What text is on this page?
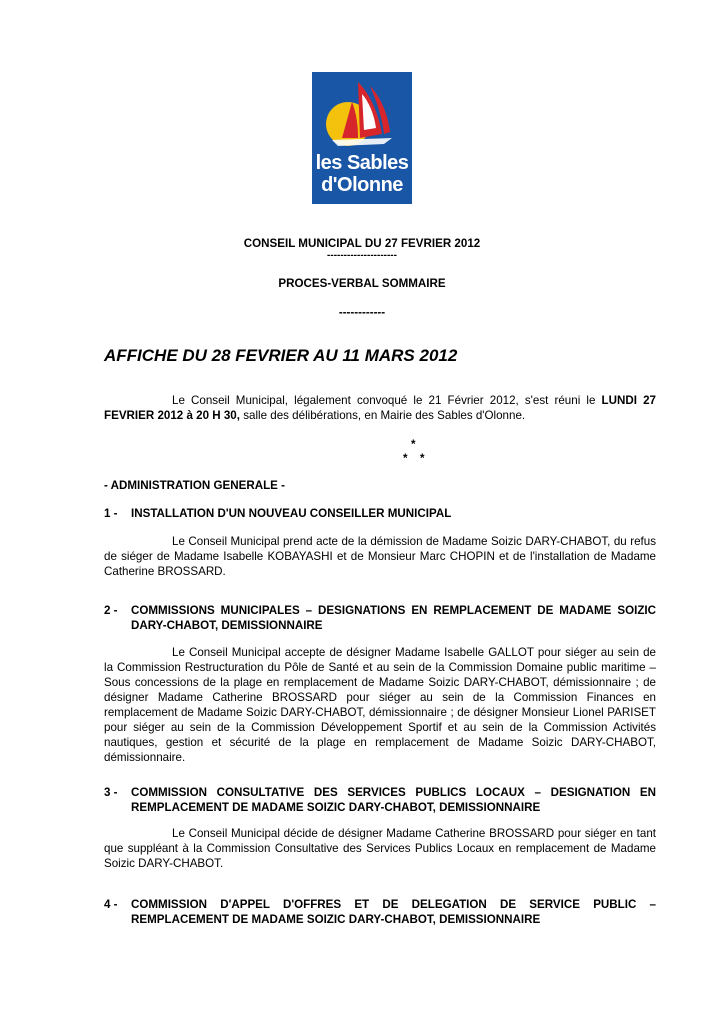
les Sables
d'Olonne
CONSEIL MUNICIPAL DU 27 FEVRIER 2012
---------------------
PROCES-VERBAL SOMMAIRE
------------
AFFICHE DU 28 FEVRIER AU 11 MARS 2012
Le Conseil Municipal, légalement convoqué le 21 Février 2012, s'est réuni le LUNDI 27 FEVRIER 2012 à 20 H 30, salle des délibérations, en Mairie des Sables d'Olonne.
*
* *
- ADMINISTRATION GENERALE -
1 -	INSTALLATION D'UN NOUVEAU CONSEILLER MUNICIPAL
Le Conseil Municipal prend acte de la démission de Madame Soizic DARY-CHABOT, du refus de siéger de Madame Isabelle KOBAYASHI et de Monsieur Marc CHOPIN et de l'installation de Madame Catherine BROSSARD.
2 -	COMMISSIONS MUNICIPALES – DESIGNATIONS EN REMPLACEMENT DE MADAME SOIZIC DARY-CHABOT, DEMISSIONNAIRE
Le Conseil Municipal accepte de désigner Madame Isabelle GALLOT pour siéger au sein de la Commission Restructuration du Pôle de Santé et au sein de la Commission Domaine public maritime – Sous concessions de la plage en remplacement de Madame Soizic DARY-CHABOT, démissionnaire ; de désigner Madame Catherine BROSSARD pour siéger au sein de la Commission Finances en remplacement de Madame Soizic DARY-CHABOT, démissionnaire ; de désigner Monsieur Lionel PARISET pour siéger au sein de la Commission Développement Sportif et au sein de la Commission Activités nautiques, gestion et sécurité de la plage en remplacement de Madame Soizic DARY-CHABOT, démissionnaire.
3 -	COMMISSION CONSULTATIVE DES SERVICES PUBLICS LOCAUX – DESIGNATION EN REMPLACEMENT DE MADAME SOIZIC DARY-CHABOT, DEMISSIONNAIRE
Le Conseil Municipal décide de désigner Madame Catherine BROSSARD pour siéger en tant que suppléant à la Commission Consultative des Services Publics Locaux en remplacement de Madame Soizic DARY-CHABOT.
4 -	COMMISSION D'APPEL D'OFFRES ET DE DELEGATION DE SERVICE PUBLIC – REMPLACEMENT DE MADAME SOIZIC DARY-CHABOT, DEMISSIONNAIRE
